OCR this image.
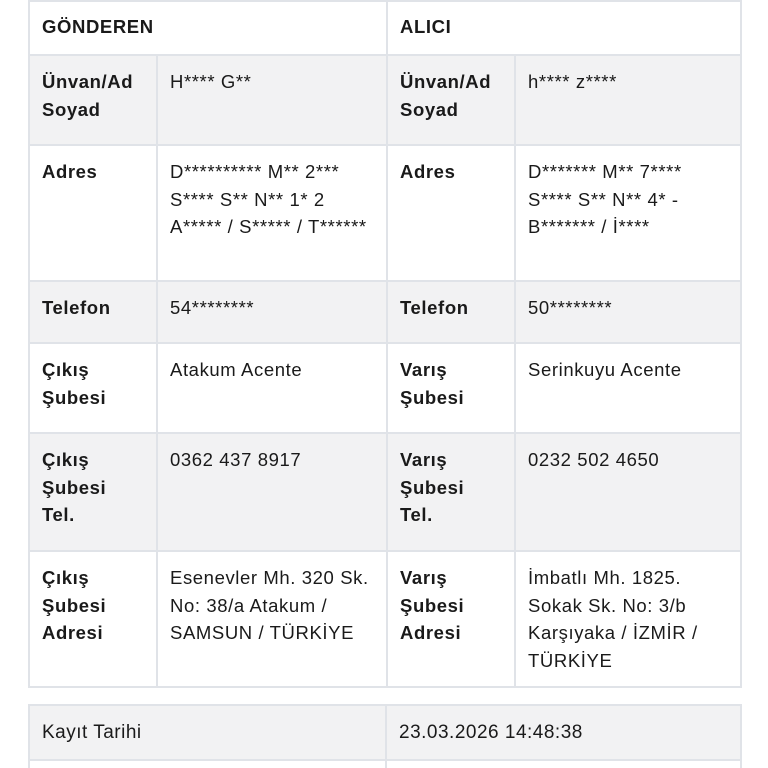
GÖNDEREN		ALICI	
Ünvan/Ad Soyad	H**** G**	Ünvan/Ad Soyad	h**** z****
Adres	D********** M** 2*** S**** S** N** 1* 2 A***** / S***** / T******	Adres	D******* M** 7**** S**** S** N** 4* - B******* / İ****
Telefon	54********	Telefon	50********
Çıkış Şubesi	Atakum Acente	Varış Şubesi	Serinkuyu Acente
Çıkış Şubesi Tel.	0362 437 8917	Varış Şubesi Tel.	0232 502 4650
Çıkış Şubesi Adresi	Esenevler Mh. 320 Sk. No: 38/a Atakum / SAMSUN / TÜRKİYE	Varış Şubesi Adresi	İmbatlı Mh. 1825. Sokak Sk. No: 3/b Karşıyaka / İZMİR / TÜRKİYE
Kayıt Tarihi	23.03.2026 14:48:38
